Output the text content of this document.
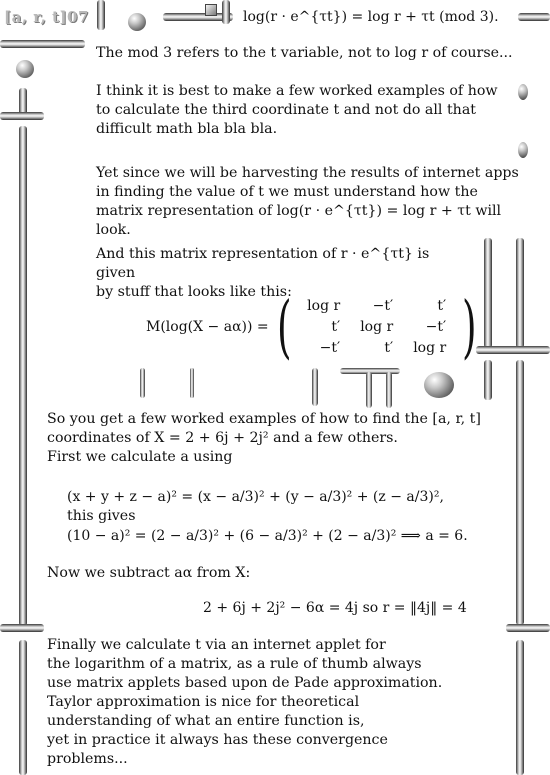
[a, r, t]07	log(r · e^{τt}) = log r + τt (mod 3).
The mod 3 refers to the t variable, not to log r of course...
I think it is best to make a few worked examples of how
to calculate the third coordinate t and not do all that
difficult math bla bla bla.
Yet since we will be harvesting the results of internet apps
in finding the value of t we must understand how the
matrix representation of log(r · e^{τt}) = log r + τt will look.
And this matrix representation of r · e^{τt} is given
by stuff that looks like this:
M(log(X − aα)) = ( log r	−t′	t′
t′	log r	−t′
−t′	t′	log r )
So you get a few worked examples of how to find the [a, r, t]
coordinates of X = 2 + 6j + 2j² and a few others.
First we calculate a using
(x + y + z − a)² = (x − a/3)² + (y − a/3)² + (z − a/3)²,
this gives
(10 − a)² = (2 − a/3)² + (6 − a/3)² + (2 − a/3)² ⟹ a = 6.
Now we subtract aα from X:
2 + 6j + 2j² − 6α = 4j so r = ‖4j‖ = 4
Finally we calculate t via an internet applet for
the logarithm of a matrix, as a rule of thumb always
use matrix applets based upon de Pade approximation.
Taylor approximation is nice for theoretical
understanding of what an entire function is,
yet in practice it always has these convergence
problems...
